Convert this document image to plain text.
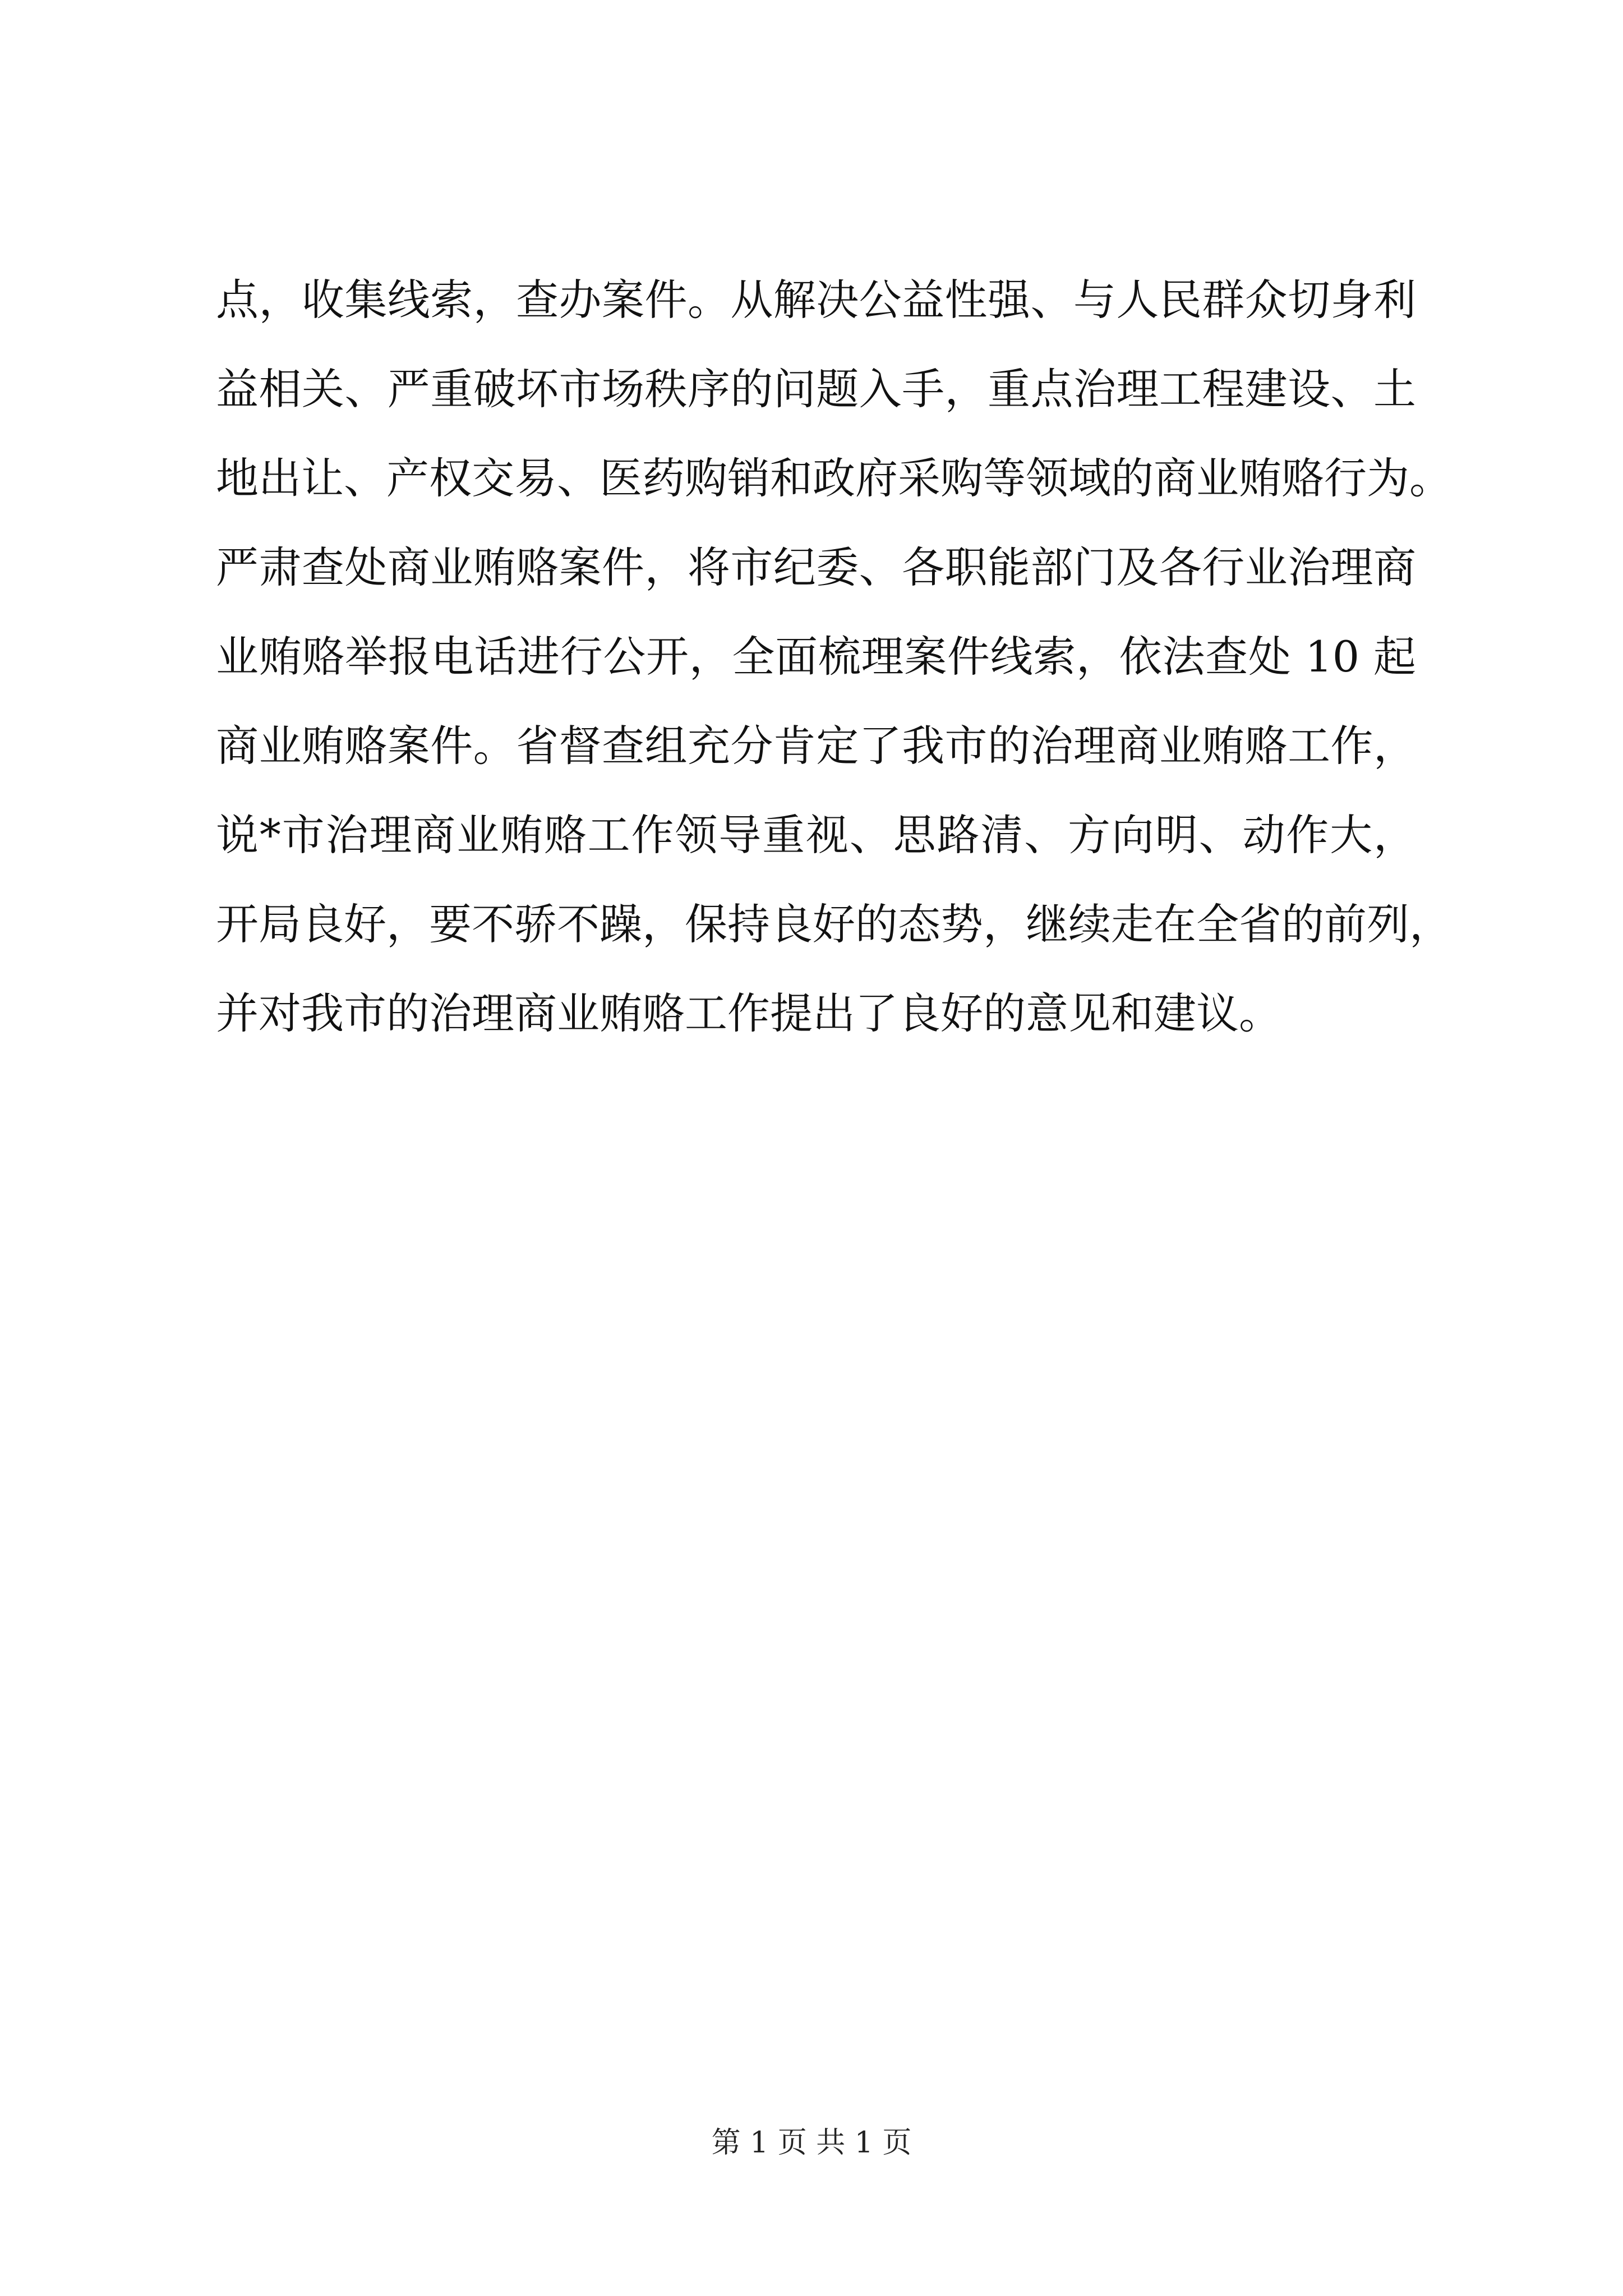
点，收集线索，查办案件。从解决公益性强、与人民群众切身利
益相关、严重破坏市场秩序的问题入手，重点治理工程建设、土
地出让、产权交易、医药购销和政府采购等领域的商业贿赂行为。
严肃查处商业贿赂案件，将市纪委、各职能部门及各行业治理商
业贿赂举报电话进行公开，全面梳理案件线索，依法查处 10 起
商业贿赂案件。省督查组充分肯定了我市的治理商业贿赂工作，
说*市治理商业贿赂工作领导重视、思路清、方向明、动作大，
开局良好，要不骄不躁，保持良好的态势，继续走在全省的前列，
并对我市的治理商业贿赂工作提出了良好的意见和建议。
第 1 页 共 1 页
